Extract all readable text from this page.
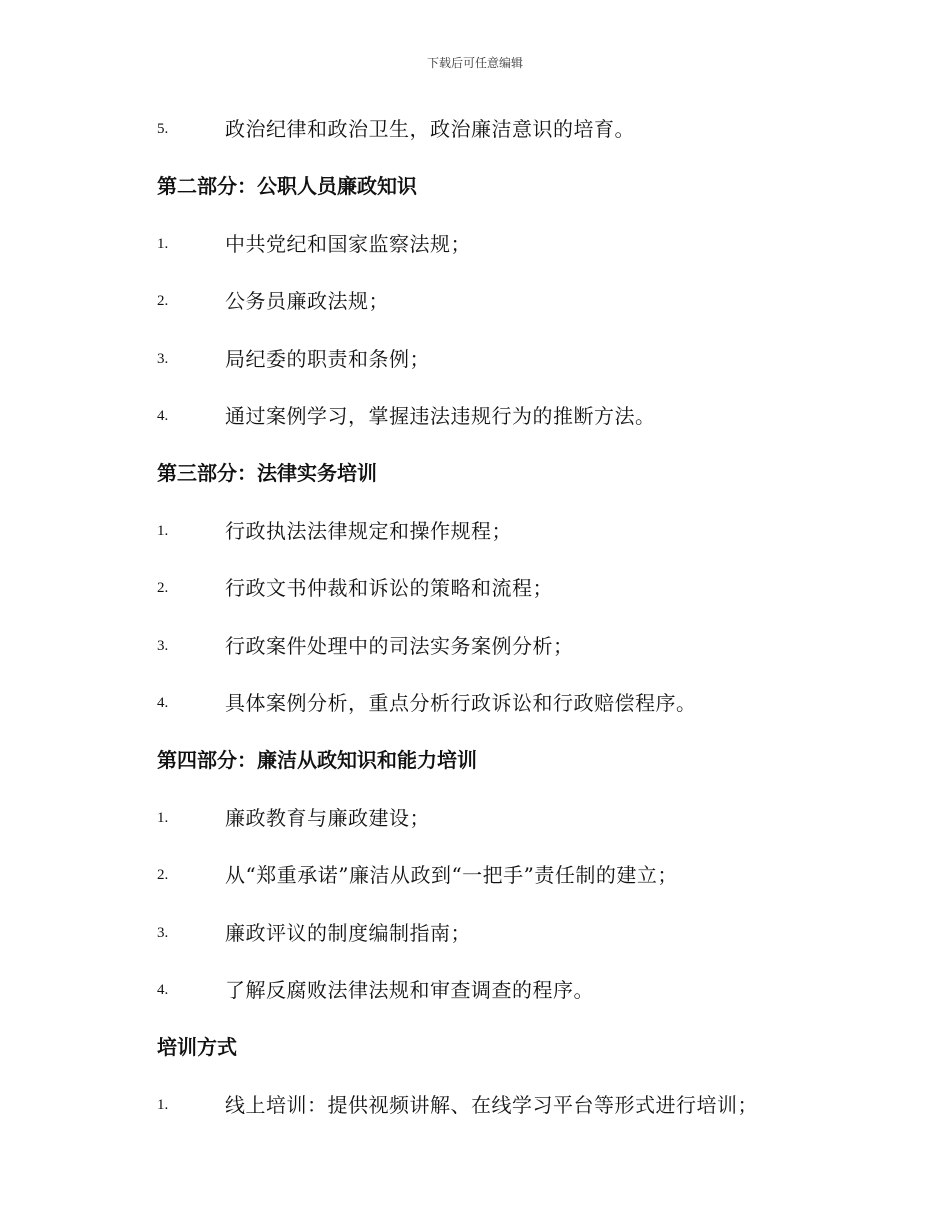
下载后可任意编辑
5.	政治纪律和政治卫生，政治廉洁意识的培育。
第二部分：公职人员廉政知识
1.	中共党纪和国家监察法规；
2.	公务员廉政法规；
3.	局纪委的职责和条例；
4.	通过案例学习，掌握违法违规行为的推断方法。
第三部分：法律实务培训
1.	行政执法法律规定和操作规程；
2.	行政文书仲裁和诉讼的策略和流程；
3.	行政案件处理中的司法实务案例分析；
4.	具体案例分析，重点分析行政诉讼和行政赔偿程序。
第四部分：廉洁从政知识和能力培训
1.	廉政教育与廉政建设；
2.	从“郑重承诺”廉洁从政到“一把手”责任制的建立；
3.	廉政评议的制度编制指南；
4.	了解反腐败法律法规和审查调查的程序。
培训方式
1.	线上培训：提供视频讲解、在线学习平台等形式进行培训；
